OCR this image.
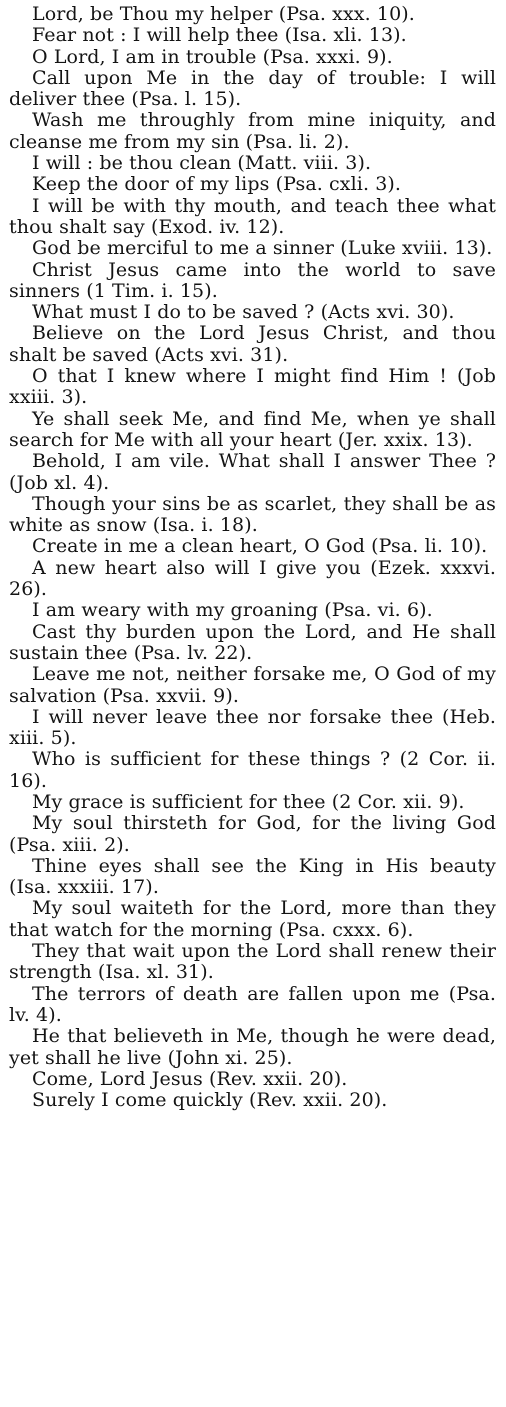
Lord, be Thou my helper (Psa. xxx. 10).

Fear not : I will help thee (Isa. xli. 13).

O Lord, I am in trouble (Psa. xxxi. 9).

Call upon Me in the day of trouble: I will deliver thee (Psa. l. 15).

Wash me throughly from mine iniquity, and cleanse me from my sin (Psa. li. 2).

I will : be thou clean (Matt. viii. 3).

Keep the door of my lips (Psa. cxli. 3).

I will be with thy mouth, and teach thee what thou shalt say (Exod. iv. 12).

God be merciful to me a sinner (Luke xviii. 13).

Christ Jesus came into the world to save sinners (1 Tim. i. 15).

What must I do to be saved ? (Acts xvi. 30).

Believe on the Lord Jesus Christ, and thou shalt be saved (Acts xvi. 31).

O that I knew where I might find Him ! (Job xxiii. 3).

Ye shall seek Me, and find Me, when ye shall search for Me with all your heart (Jer. xxix. 13).

Behold, I am vile. What shall I answer Thee ? (Job xl. 4).

Though your sins be as scarlet, they shall be as white as snow (Isa. i. 18).

Create in me a clean heart, O God (Psa. li. 10).

A new heart also will I give you (Ezek. xxxvi. 26).

I am weary with my groaning (Psa. vi. 6).

Cast thy burden upon the Lord, and He shall sustain thee (Psa. lv. 22).

Leave me not, neither forsake me, O God of my salvation (Psa. xxvii. 9).

I will never leave thee nor forsake thee (Heb. xiii. 5).

Who is sufficient for these things ? (2 Cor. ii. 16).

My grace is sufficient for thee (2 Cor. xii. 9).

My soul thirsteth for God, for the living God (Psa. xiii. 2).

Thine eyes shall see the King in His beauty (Isa. xxxiii. 17).

My soul waiteth for the Lord, more than they that watch for the morning (Psa. cxxx. 6).

They that wait upon the Lord shall renew their strength (Isa. xl. 31).

The terrors of death are fallen upon me (Psa. lv. 4).

He that believeth in Me, though he were dead, yet shall he live (John xi. 25).

Come, Lord Jesus (Rev. xxii. 20).

Surely I come quickly (Rev. xxii. 20).
